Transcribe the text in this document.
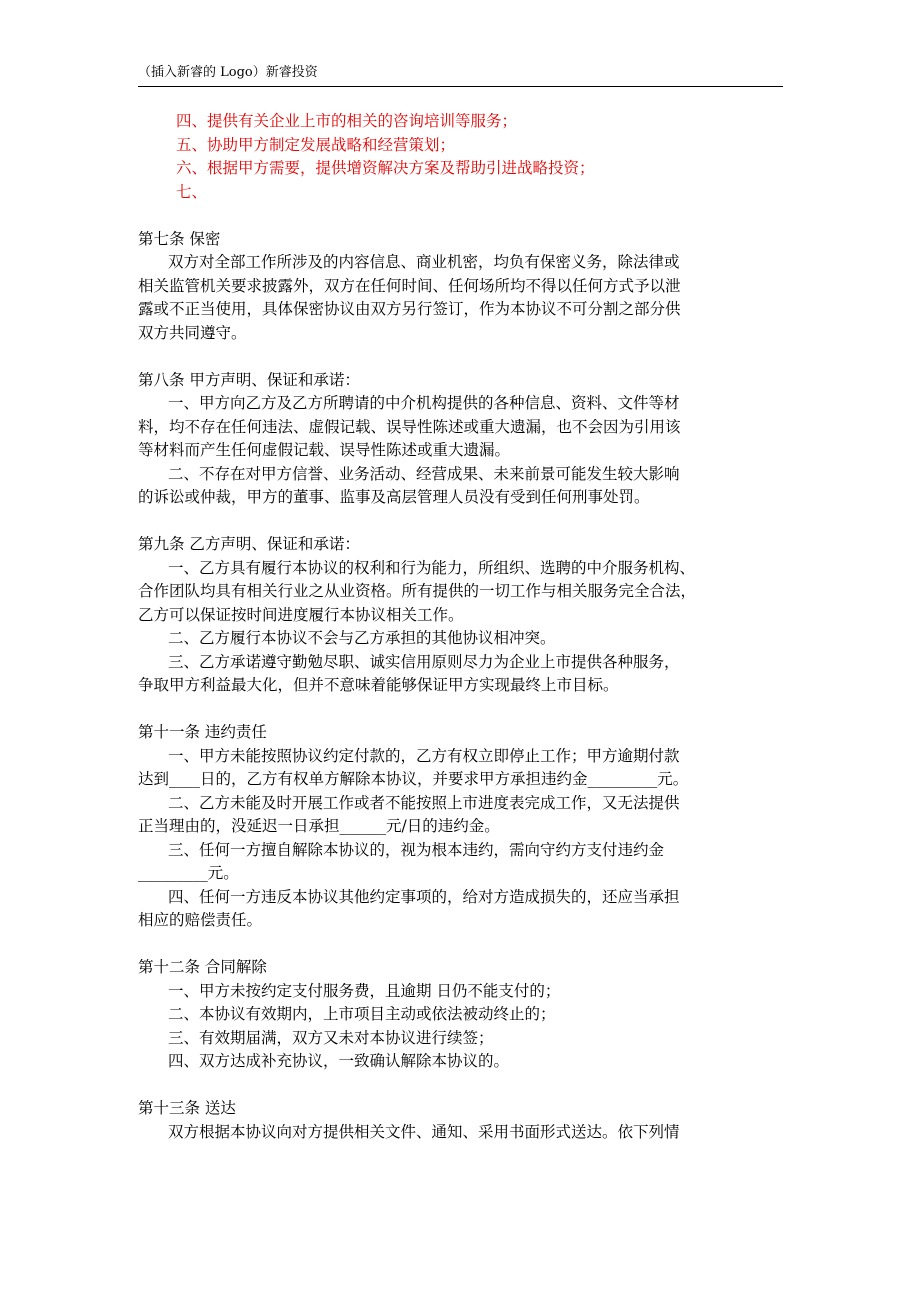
（插入新睿的 Logo）新睿投资
四、提供有关企业上市的相关的咨询培训等服务；
五、协助甲方制定发展战略和经营策划；
六、根据甲方需要，提供增资解决方案及帮助引进战略投资；
七、
第七条 保密
双方对全部工作所涉及的内容信息、商业机密，均负有保密义务，除法律或
相关监管机关要求披露外，双方在任何时间、任何场所均不得以任何方式予以泄
露或不正当使用，具体保密协议由双方另行签订，作为本协议不可分割之部分供
双方共同遵守。
第八条 甲方声明、保证和承诺：
一、甲方向乙方及乙方所聘请的中介机构提供的各种信息、资料、文件等材
料，均不存在任何违法、虚假记载、误导性陈述或重大遗漏，也不会因为引用该
等材料而产生任何虚假记载、误导性陈述或重大遗漏。
二、不存在对甲方信誉、业务活动、经营成果、未来前景可能发生较大影响
的诉讼或仲裁，甲方的董事、监事及高层管理人员没有受到任何刑事处罚。
第九条 乙方声明、保证和承诺：
一、乙方具有履行本协议的权利和行为能力，所组织、选聘的中介服务机构、
合作团队均具有相关行业之从业资格。所有提供的一切工作与相关服务完全合法，
乙方可以保证按时间进度履行本协议相关工作。
二、乙方履行本协议不会与乙方承担的其他协议相冲突。
三、乙方承诺遵守勤勉尽职、诚实信用原则尽力为企业上市提供各种服务，
争取甲方利益最大化，但并不意味着能够保证甲方实现最终上市目标。
第十一条 违约责任
一、甲方未能按照协议约定付款的，乙方有权立即停止工作；甲方逾期付款
达到____日的，乙方有权单方解除本协议，并要求甲方承担违约金_________元。
二、乙方未能及时开展工作或者不能按照上市进度表完成工作，又无法提供
正当理由的，没延迟一日承担______元/日的违约金。
三、任何一方擅自解除本协议的，视为根本违约，需向守约方支付违约金
_________元。
四、任何一方违反本协议其他约定事项的，给对方造成损失的，还应当承担
相应的赔偿责任。
第十二条 合同解除
一、甲方未按约定支付服务费，且逾期 日仍不能支付的；
二、本协议有效期内，上市项目主动或依法被动终止的；
三、有效期届满，双方又未对本协议进行续签；
四、双方达成补充协议，一致确认解除本协议的。
第十三条 送达
双方根据本协议向对方提供相关文件、通知、采用书面形式送达。依下列情
